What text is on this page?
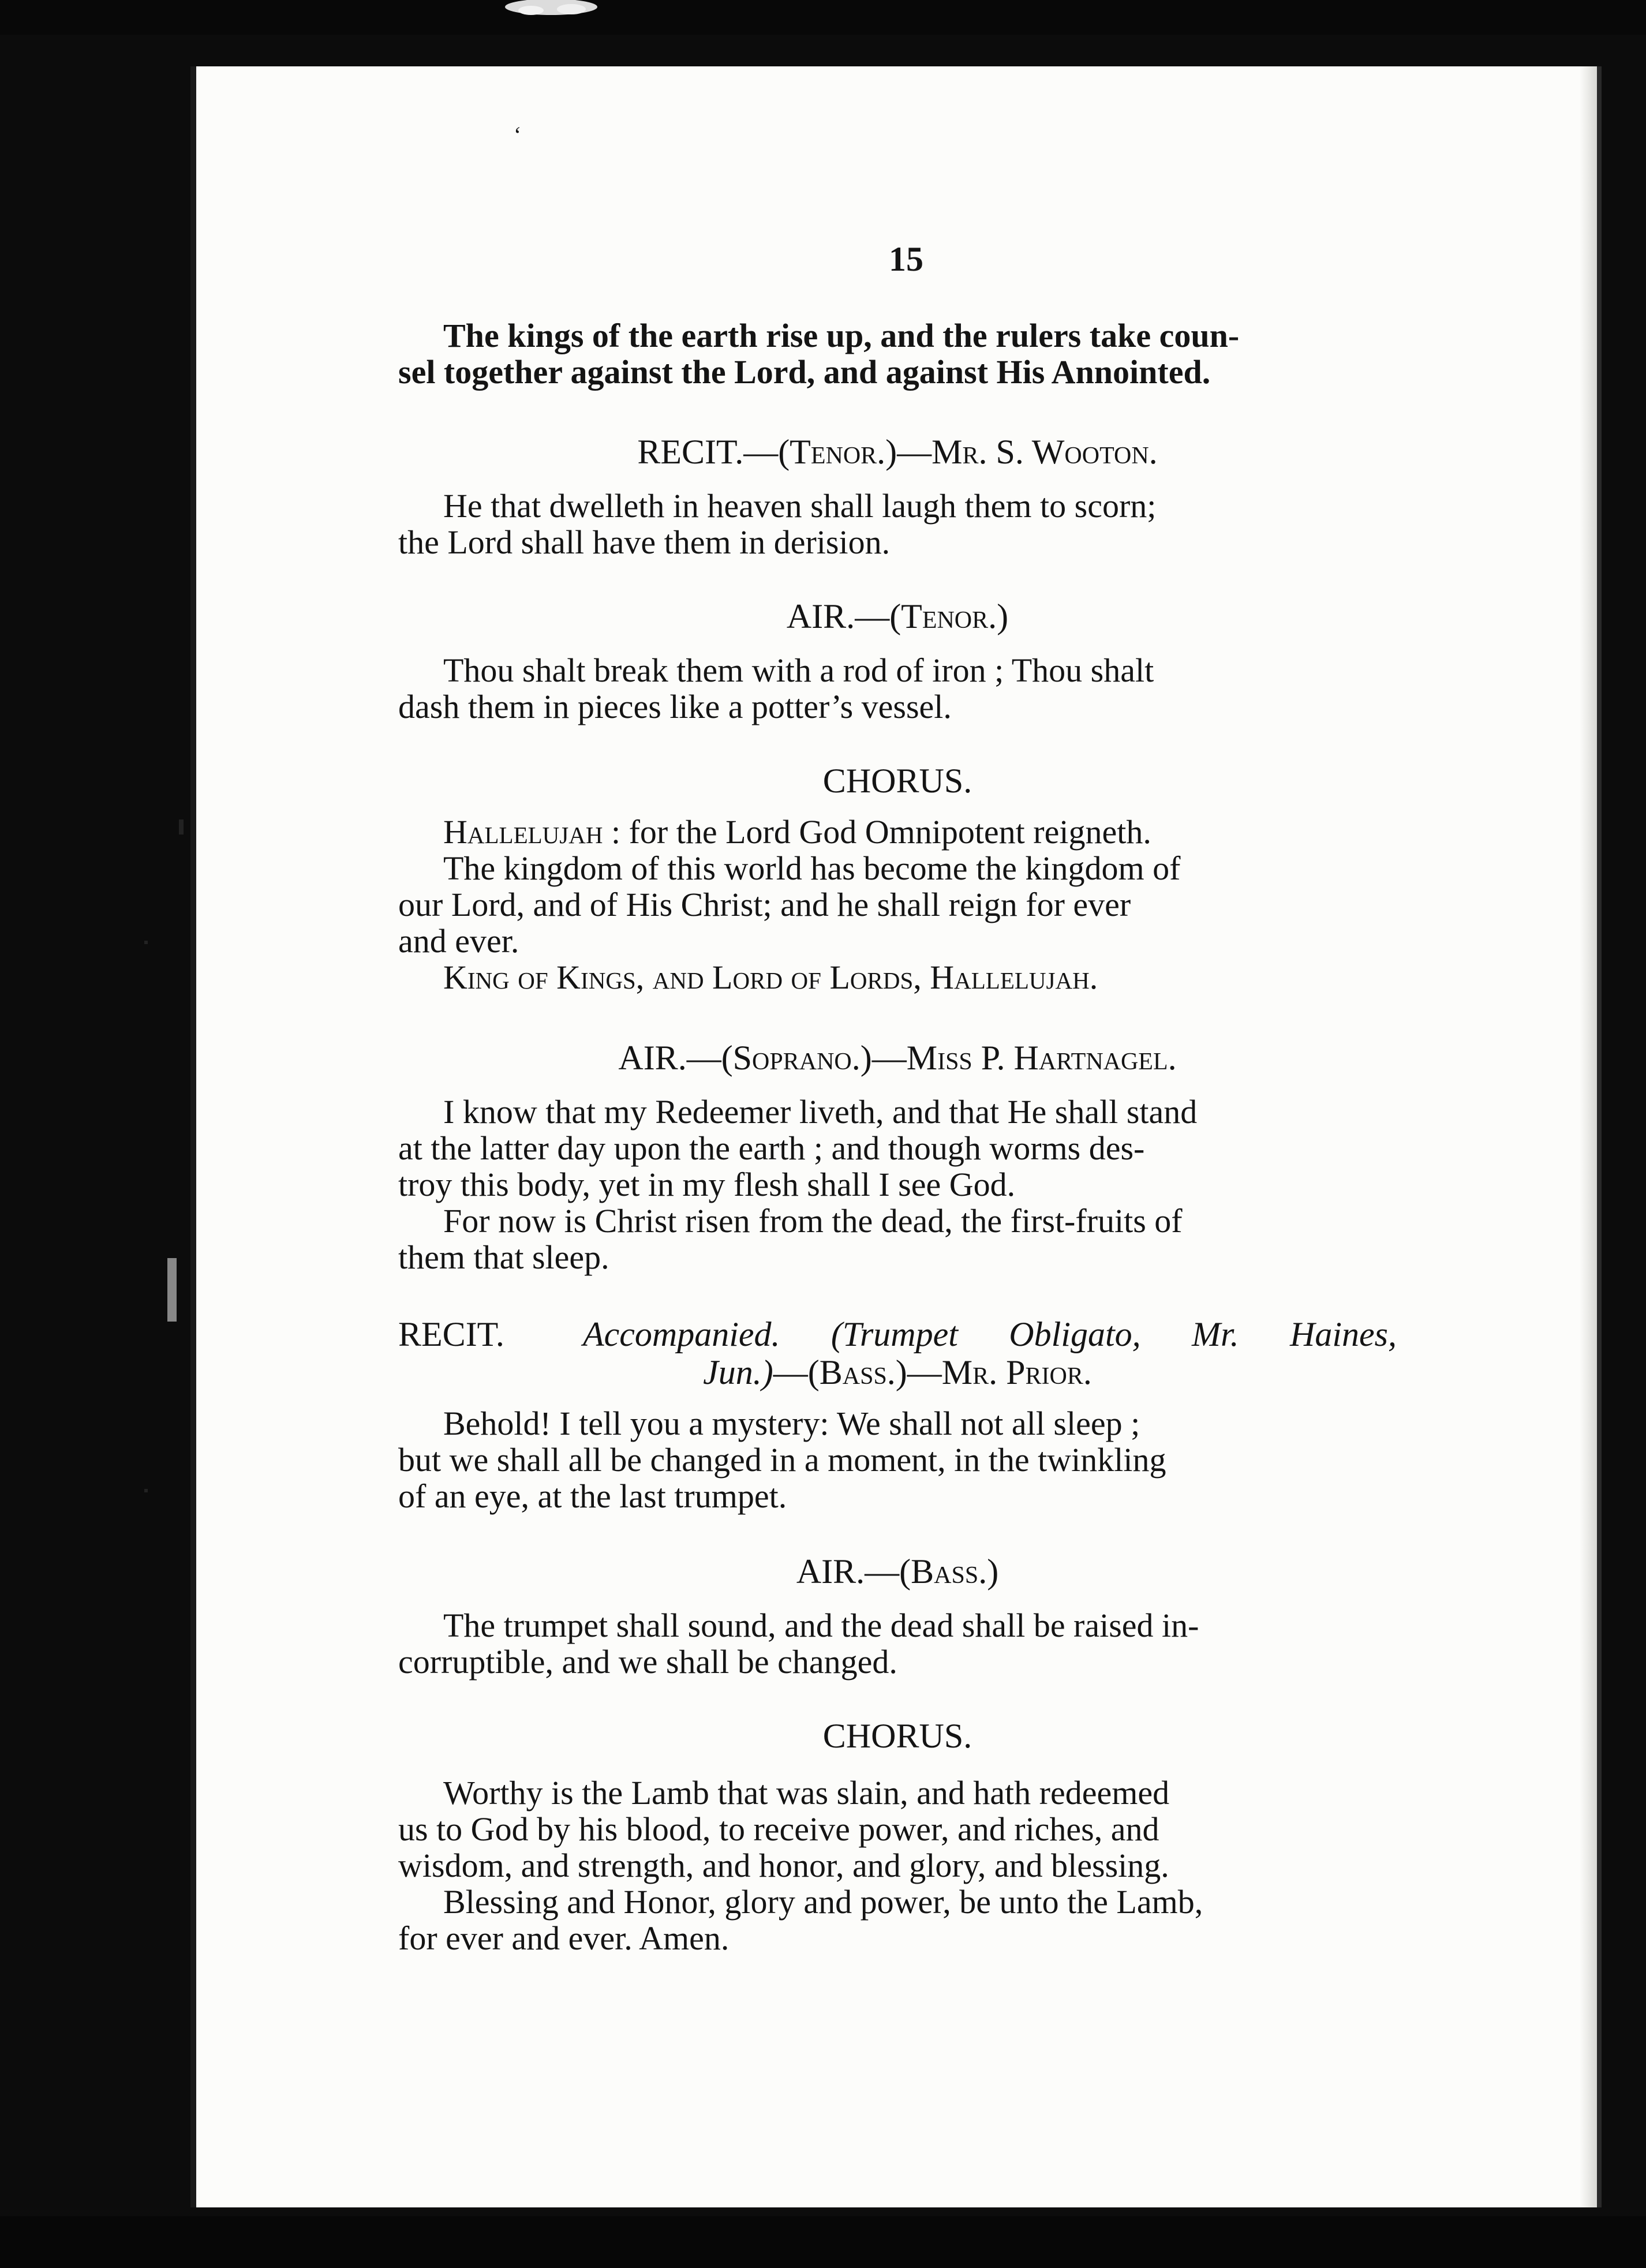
‘
15

The kings of the earth rise up, and the rulers take coun-

sel together against the Lord, and against His Annointed.

RECIT.—(Tenor.)—Mr. S. Wooton.

He that dwelleth in heaven shall laugh them to scorn;

the Lord shall have them in derision.

AIR.—(Tenor.)

Thou shalt break them with a rod of iron ; Thou shalt

dash them in pieces like a potter’s vessel.

CHORUS.

Hallelujah : for the Lord God Omnipotent reigneth.

The kingdom of this world has become the kingdom of

our Lord, and of His Christ; and he shall reign for ever

and ever.

King of Kings, and Lord of Lords, Hallelujah.

AIR.—(Soprano.)—Miss P. Hartnagel.

I know that my Redeemer liveth, and that He shall stand

at the latter day upon the earth ; and though worms des-

troy this body, yet in my flesh shall I see God.

For now is Christ risen from the dead, the first-fruits of

them that sleep.

RECIT. Accompanied. (Trumpet Obligato, Mr. Haines,
Jun.)—(Bass.)—Mr. Prior.

Behold! I tell you a mystery: We shall not all sleep ;

but we shall all be changed in a moment, in the twinkling

of an eye, at the last trumpet.

AIR.—(Bass.)

The trumpet shall sound, and the dead shall be raised in-

corruptible, and we shall be changed.

CHORUS.

Worthy is the Lamb that was slain, and hath redeemed

us to God by his blood, to receive power, and riches, and

wisdom, and strength, and honor, and glory, and blessing.

Blessing and Honor, glory and power, be unto the Lamb,

for ever and ever. Amen.
